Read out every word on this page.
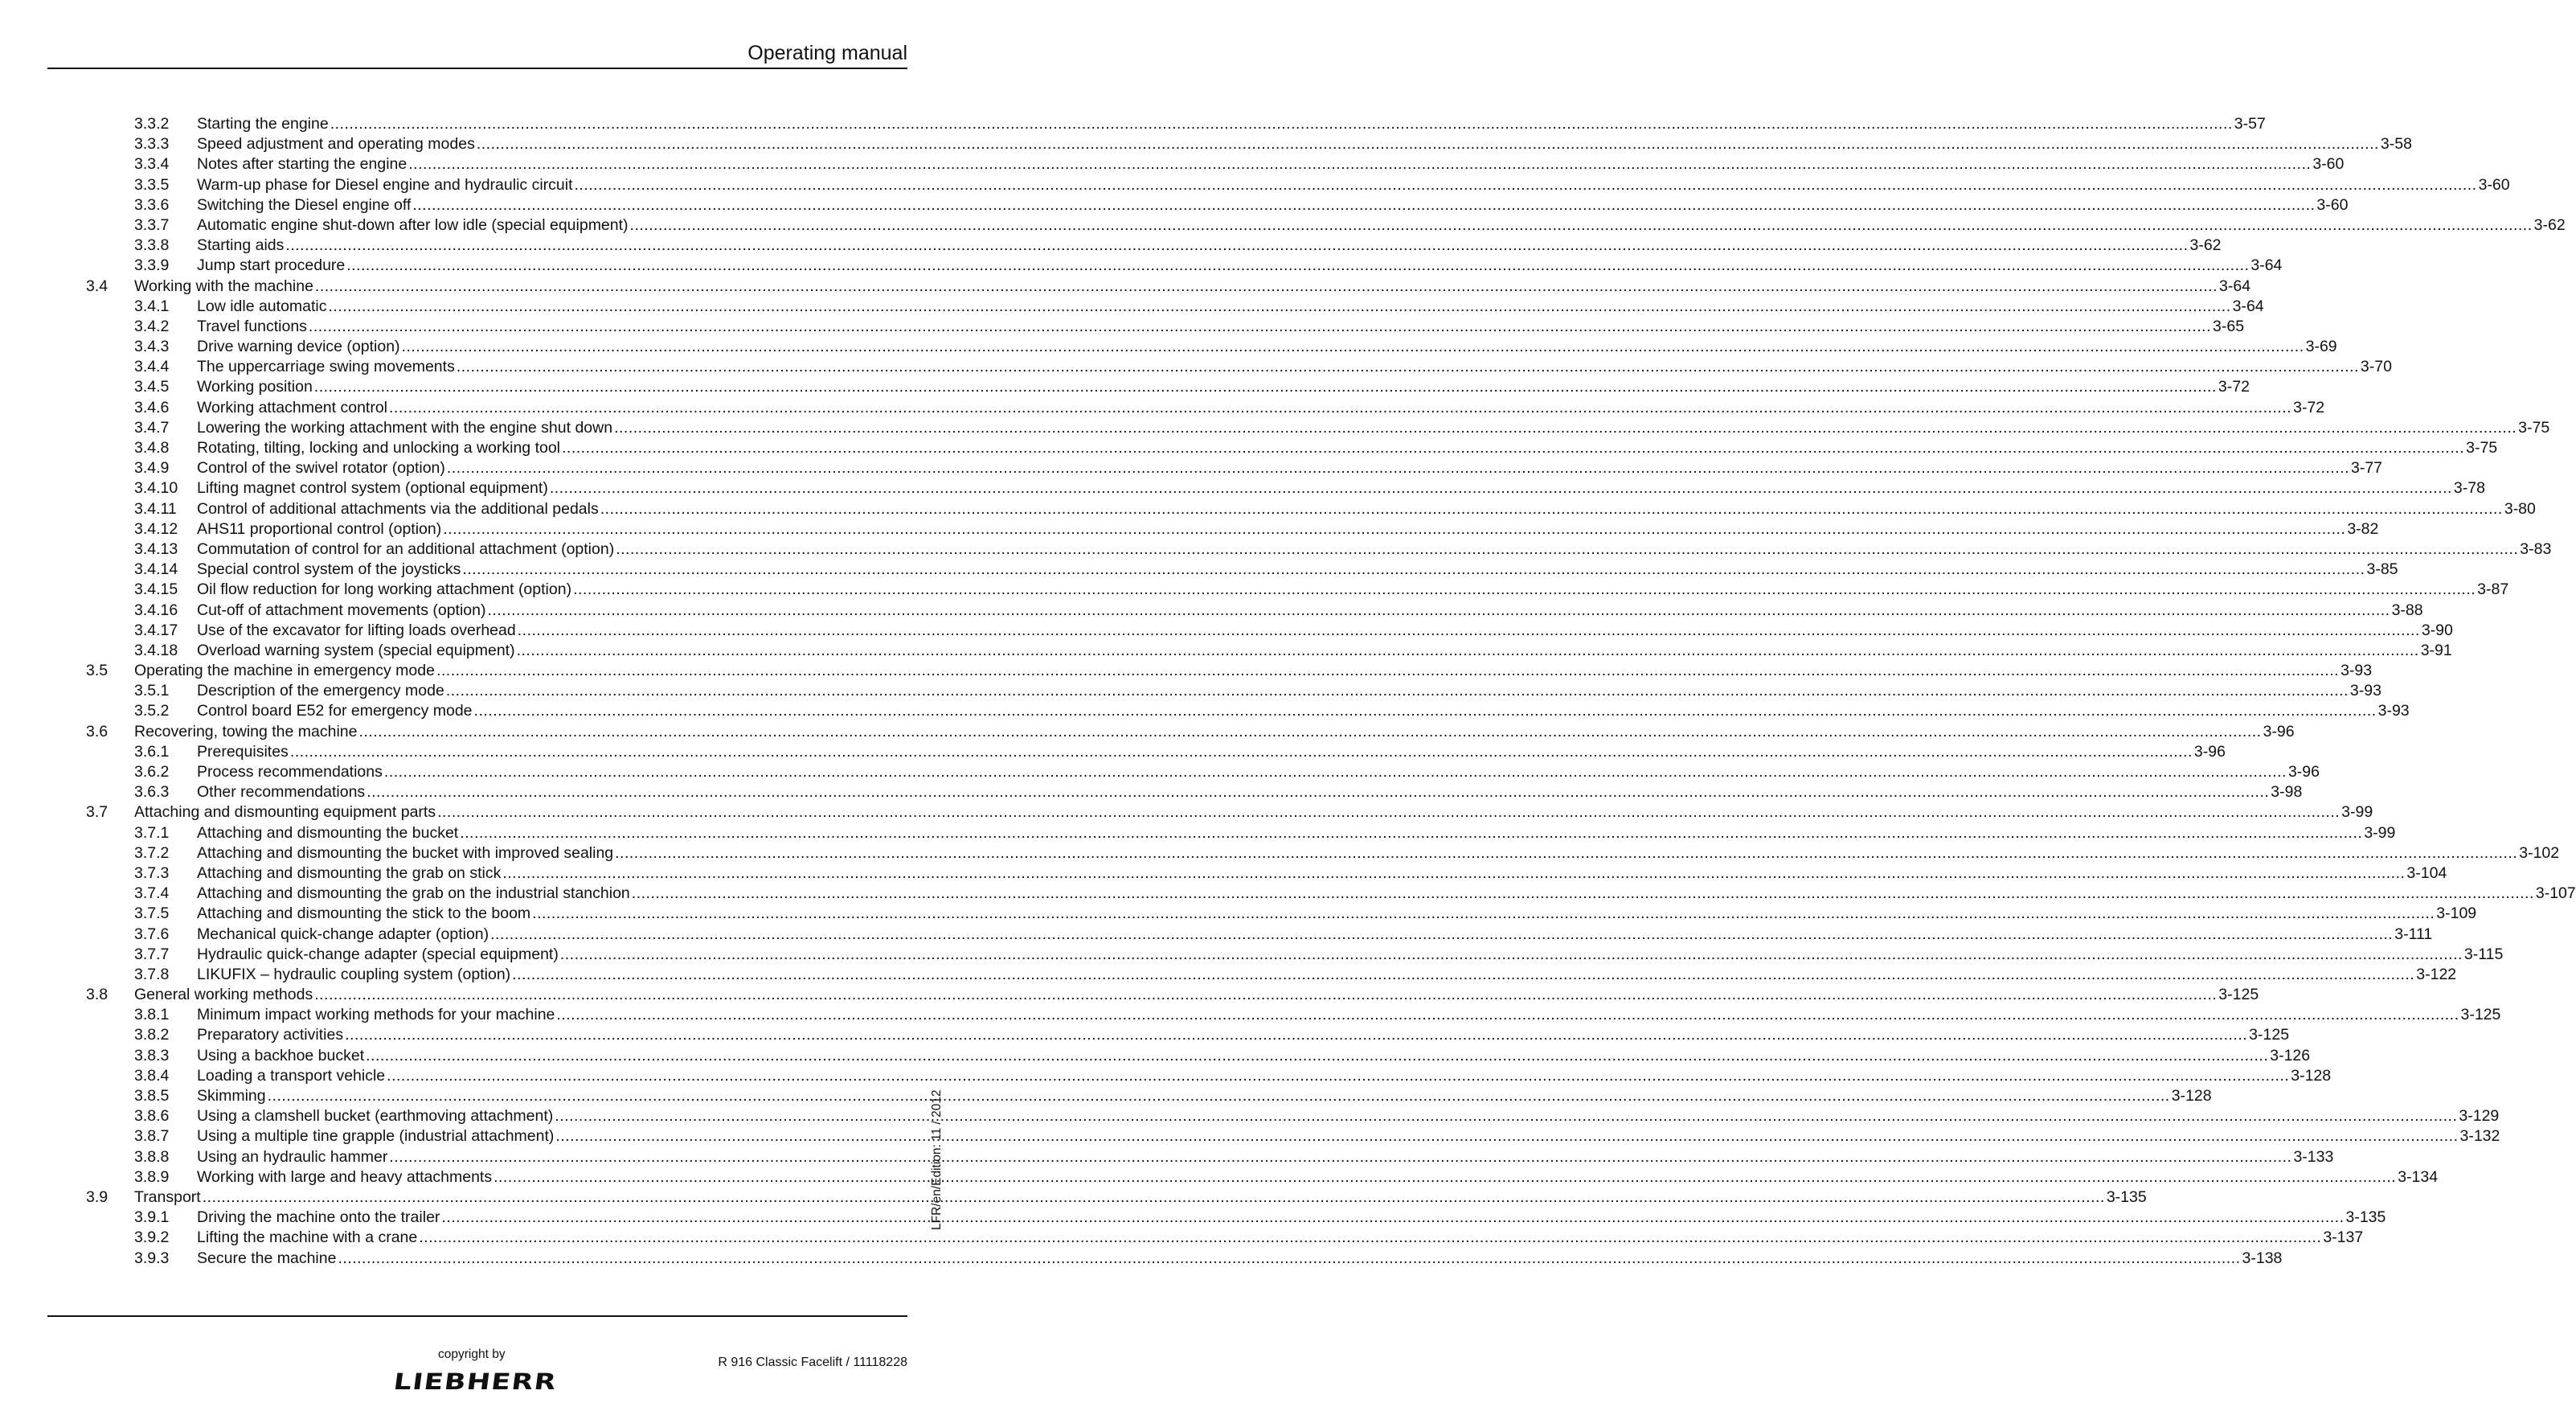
Operating manual
3.3.2 Starting the engine ................................................................................................................................................................................................................................................................................................................................................................................................................ 3-57
3.3.3 Speed adjustment and operating modes ................................................................................................................................................................................................................................................................................................................................................................................................................ 3-58
3.3.4 Notes after starting the engine ................................................................................................................................................................................................................................................................................................................................................................................................................ 3-60
3.3.5 Warm-up phase for Diesel engine and hydraulic circuit ................................................................................................................................................................................................................................................................................................................................................................................................................ 3-60
3.3.6 Switching the Diesel engine off ................................................................................................................................................................................................................................................................................................................................................................................................................ 3-60
3.3.7 Automatic engine shut-down after low idle (special equipment) ................................................................................................................................................................................................................................................................................................................................................................................................................ 3-62
3.3.8 Starting aids ................................................................................................................................................................................................................................................................................................................................................................................................................ 3-62
3.3.9 Jump start procedure ................................................................................................................................................................................................................................................................................................................................................................................................................ 3-64
3.4 Working with the machine ................................................................................................................................................................................................................................................................................................................................................................................................................ 3-64
3.4.1 Low idle automatic ................................................................................................................................................................................................................................................................................................................................................................................................................ 3-64
3.4.2 Travel functions ................................................................................................................................................................................................................................................................................................................................................................................................................ 3-65
3.4.3 Drive warning device (option) ................................................................................................................................................................................................................................................................................................................................................................................................................ 3-69
3.4.4 The uppercarriage swing movements ................................................................................................................................................................................................................................................................................................................................................................................................................ 3-70
3.4.5 Working position ................................................................................................................................................................................................................................................................................................................................................................................................................ 3-72
3.4.6 Working attachment control ................................................................................................................................................................................................................................................................................................................................................................................................................ 3-72
3.4.7 Lowering the working attachment with the engine shut down ................................................................................................................................................................................................................................................................................................................................................................................................................ 3-75
3.4.8 Rotating, tilting, locking and unlocking a working tool ................................................................................................................................................................................................................................................................................................................................................................................................................ 3-75
3.4.9 Control of the swivel rotator (option) ................................................................................................................................................................................................................................................................................................................................................................................................................ 3-77
3.4.10 Lifting magnet control system (optional equipment) ................................................................................................................................................................................................................................................................................................................................................................................................................ 3-78
3.4.11 Control of additional attachments via the additional pedals ................................................................................................................................................................................................................................................................................................................................................................................................................ 3-80
3.4.12 AHS11 proportional control (option) ................................................................................................................................................................................................................................................................................................................................................................................................................ 3-82
3.4.13 Commutation of control for an additional attachment (option) ................................................................................................................................................................................................................................................................................................................................................................................................................ 3-83
3.4.14 Special control system of the joysticks ................................................................................................................................................................................................................................................................................................................................................................................................................ 3-85
3.4.15 Oil flow reduction for long working attachment (option) ................................................................................................................................................................................................................................................................................................................................................................................................................ 3-87
3.4.16 Cut-off of attachment movements (option) ................................................................................................................................................................................................................................................................................................................................................................................................................ 3-88
3.4.17 Use of the excavator for lifting loads overhead ................................................................................................................................................................................................................................................................................................................................................................................................................ 3-90
3.4.18 Overload warning system (special equipment) ................................................................................................................................................................................................................................................................................................................................................................................................................ 3-91
3.5 Operating the machine in emergency mode ................................................................................................................................................................................................................................................................................................................................................................................................................ 3-93
3.5.1 Description of the emergency mode ................................................................................................................................................................................................................................................................................................................................................................................................................ 3-93
3.5.2 Control board E52 for emergency mode ................................................................................................................................................................................................................................................................................................................................................................................................................ 3-93
3.6 Recovering, towing the machine ................................................................................................................................................................................................................................................................................................................................................................................................................ 3-96
3.6.1 Prerequisites ................................................................................................................................................................................................................................................................................................................................................................................................................ 3-96
3.6.2 Process recommendations ................................................................................................................................................................................................................................................................................................................................................................................................................ 3-96
3.6.3 Other recommendations ................................................................................................................................................................................................................................................................................................................................................................................................................ 3-98
3.7 Attaching and dismounting equipment parts ................................................................................................................................................................................................................................................................................................................................................................................................................ 3-99
3.7.1 Attaching and dismounting the bucket ................................................................................................................................................................................................................................................................................................................................................................................................................ 3-99
3.7.2 Attaching and dismounting the bucket with improved sealing ................................................................................................................................................................................................................................................................................................................................................................................................................ 3-102
3.7.3 Attaching and dismounting the grab on stick ................................................................................................................................................................................................................................................................................................................................................................................................................ 3-104
3.7.4 Attaching and dismounting the grab on the industrial stanchion ................................................................................................................................................................................................................................................................................................................................................................................................................ 3-107
3.7.5 Attaching and dismounting the stick to the boom ................................................................................................................................................................................................................................................................................................................................................................................................................ 3-109
3.7.6 Mechanical quick-change adapter (option) ................................................................................................................................................................................................................................................................................................................................................................................................................ 3-111
3.7.7 Hydraulic quick-change adapter (special equipment) ................................................................................................................................................................................................................................................................................................................................................................................................................ 3-115
3.7.8 LIKUFIX – hydraulic coupling system (option) ................................................................................................................................................................................................................................................................................................................................................................................................................ 3-122
3.8 General working methods ................................................................................................................................................................................................................................................................................................................................................................................................................ 3-125
3.8.1 Minimum impact working methods for your machine ................................................................................................................................................................................................................................................................................................................................................................................................................ 3-125
3.8.2 Preparatory activities ................................................................................................................................................................................................................................................................................................................................................................................................................ 3-125
3.8.3 Using a backhoe bucket ................................................................................................................................................................................................................................................................................................................................................................................................................ 3-126
3.8.4 Loading a transport vehicle ................................................................................................................................................................................................................................................................................................................................................................................................................ 3-128
3.8.5 Skimming ................................................................................................................................................................................................................................................................................................................................................................................................................ 3-128
3.8.6 Using a clamshell bucket (earthmoving attachment) ................................................................................................................................................................................................................................................................................................................................................................................................................ 3-129
3.8.7 Using a multiple tine grapple (industrial attachment) ................................................................................................................................................................................................................................................................................................................................................................................................................ 3-132
3.8.8 Using an hydraulic hammer ................................................................................................................................................................................................................................................................................................................................................................................................................ 3-133
3.8.9 Working with large and heavy attachments ................................................................................................................................................................................................................................................................................................................................................................................................................ 3-134
3.9 Transport ................................................................................................................................................................................................................................................................................................................................................................................................................ 3-135
3.9.1 Driving the machine onto the trailer ................................................................................................................................................................................................................................................................................................................................................................................................................ 3-135
3.9.2 Lifting the machine with a crane ................................................................................................................................................................................................................................................................................................................................................................................................................ 3-137
3.9.3 Secure the machine ................................................................................................................................................................................................................................................................................................................................................................................................................ 3-138
LFR/en/Edition: 11 / 2012
copyright by
LIEBHERR
R 916 Classic Facelift / 11118228
